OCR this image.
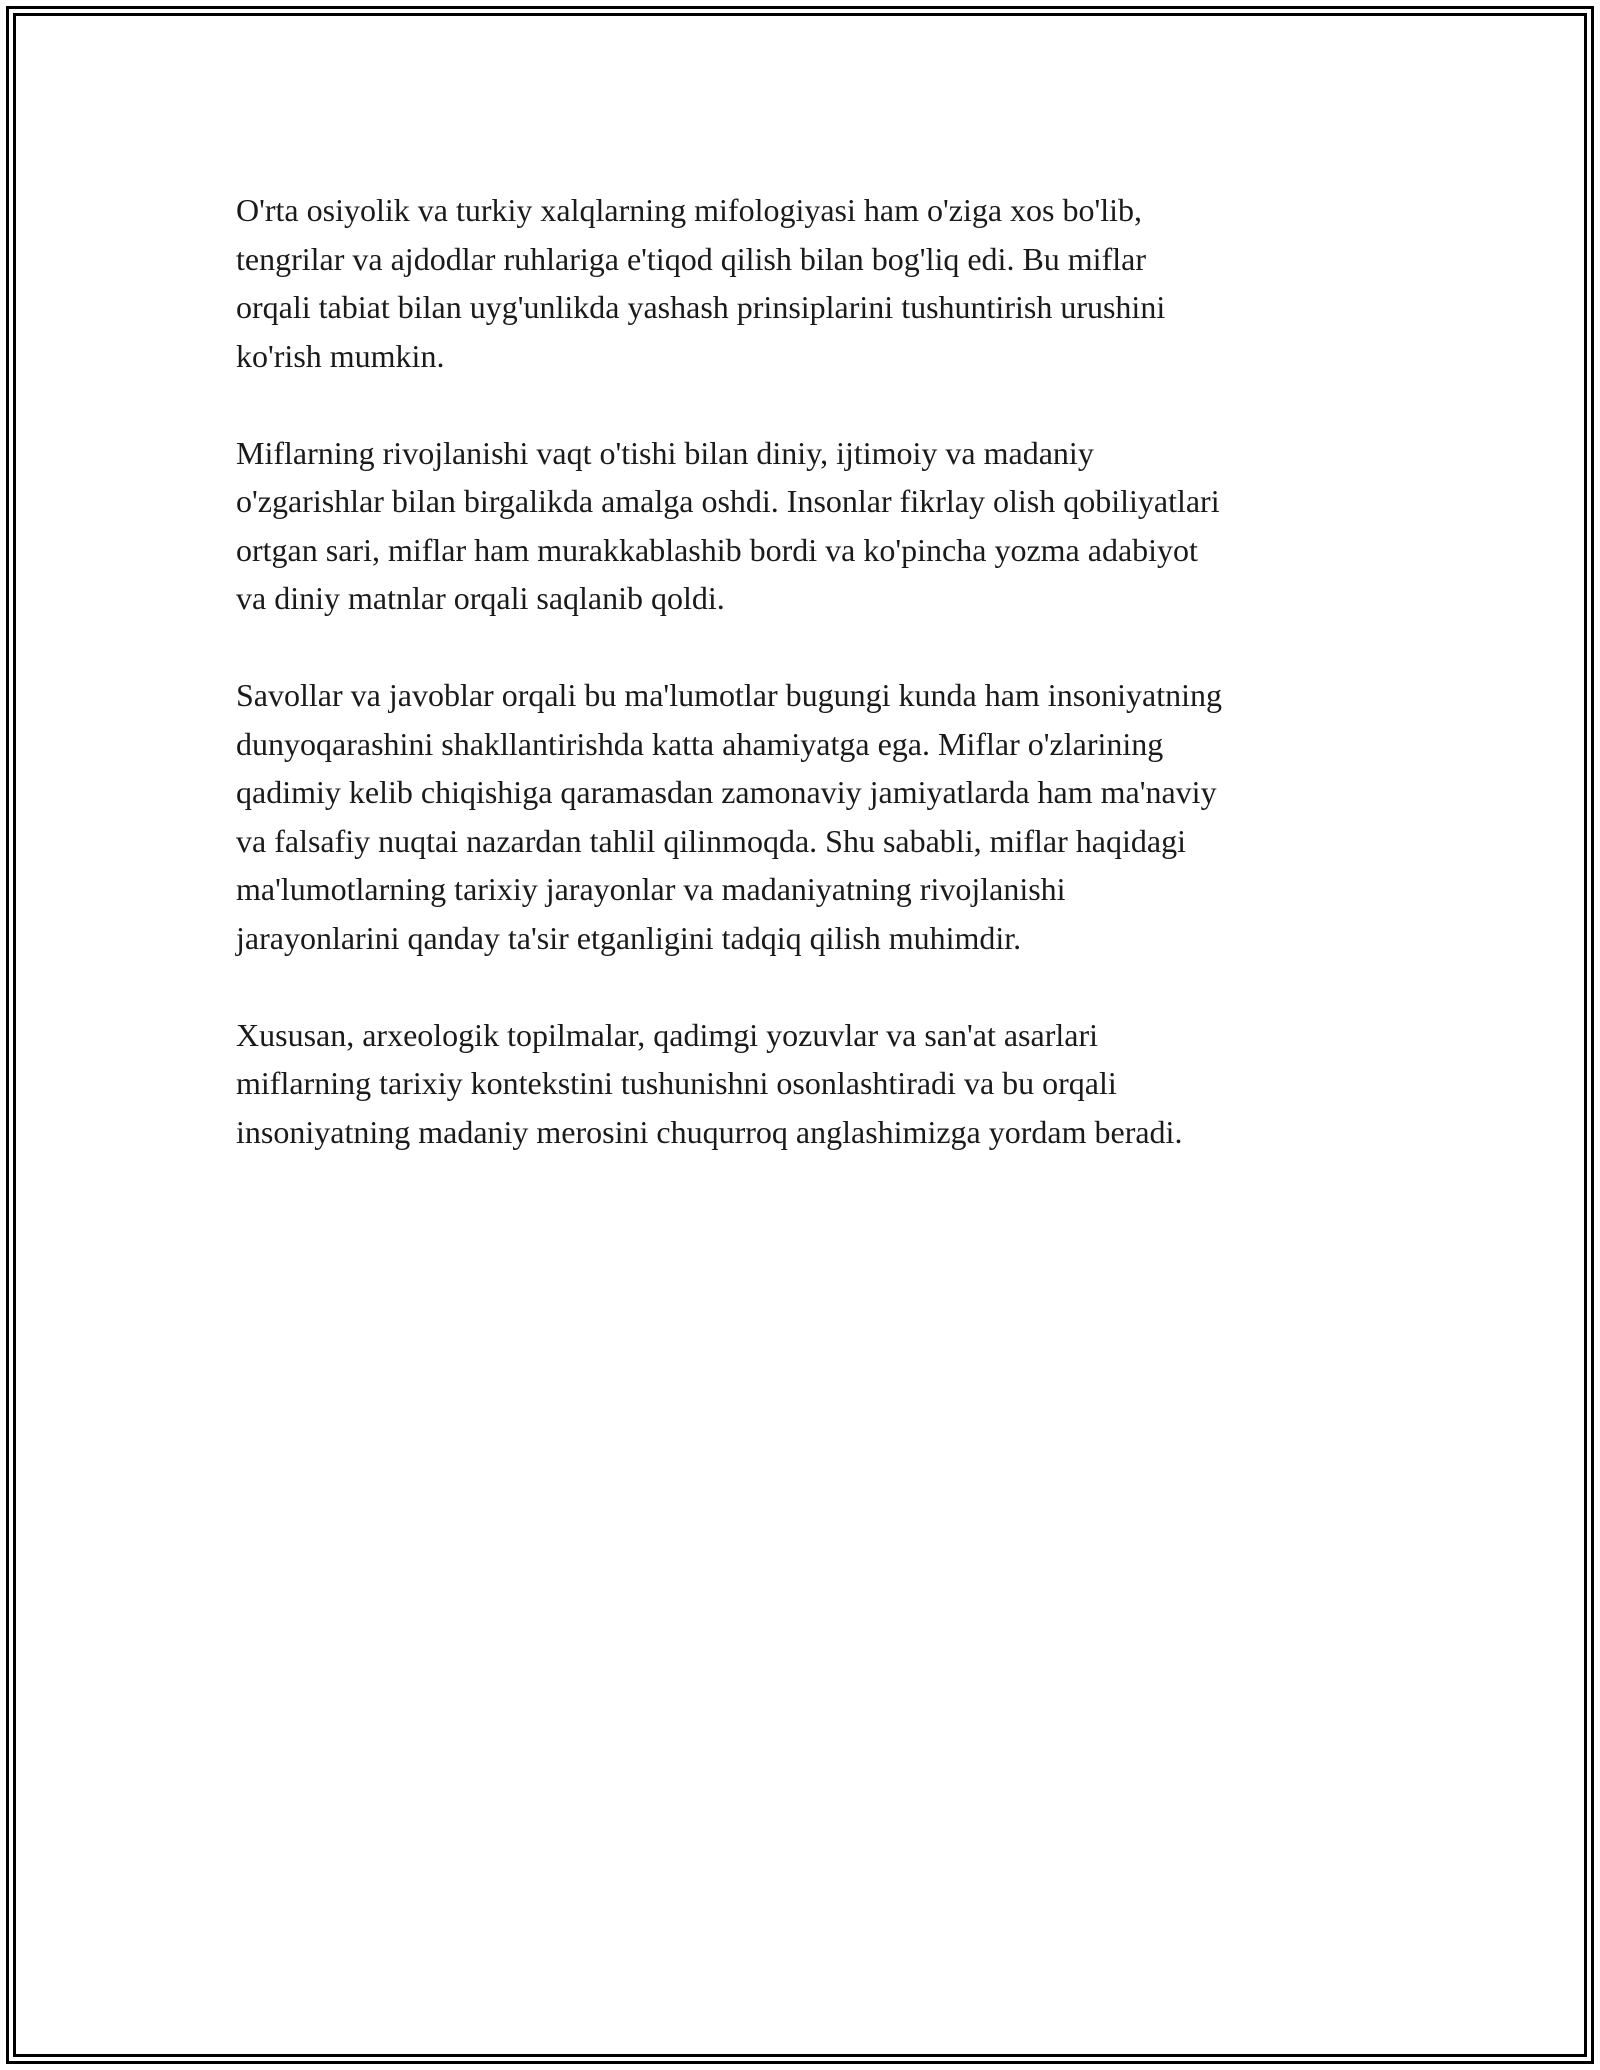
O'rta osiyolik va turkiy xalqlarning mifologiyasi ham o'ziga xos bo'lib,
tengrilar va ajdodlar ruhlariga e'tiqod qilish bilan bog'liq edi. Bu miflar
orqali tabiat bilan uyg'unlikda yashash prinsiplarini tushuntirish urushini
ko'rish mumkin.

Miflarning rivojlanishi vaqt o'tishi bilan diniy, ijtimoiy va madaniy
o'zgarishlar bilan birgalikda amalga oshdi. Insonlar fikrlay olish qobiliyatlari
ortgan sari, miflar ham murakkablashib bordi va ko'pincha yozma adabiyot
va diniy matnlar orqali saqlanib qoldi.

Savollar va javoblar orqali bu ma'lumotlar bugungi kunda ham insoniyatning
dunyoqarashini shakllantirishda katta ahamiyatga ega. Miflar o'zlarining
qadimiy kelib chiqishiga qaramasdan zamonaviy jamiyatlarda ham ma'naviy
va falsafiy nuqtai nazardan tahlil qilinmoqda. Shu sababli, miflar haqidagi
ma'lumotlarning tarixiy jarayonlar va madaniyatning rivojlanishi
jarayonlarini qanday ta'sir etganligini tadqiq qilish muhimdir.

Xususan, arxeologik topilmalar, qadimgi yozuvlar va san'at asarlari
miflarning tarixiy kontekstini tushunishni osonlashtiradi va bu orqali
insoniyatning madaniy merosini chuqurroq anglashimizga yordam beradi.
